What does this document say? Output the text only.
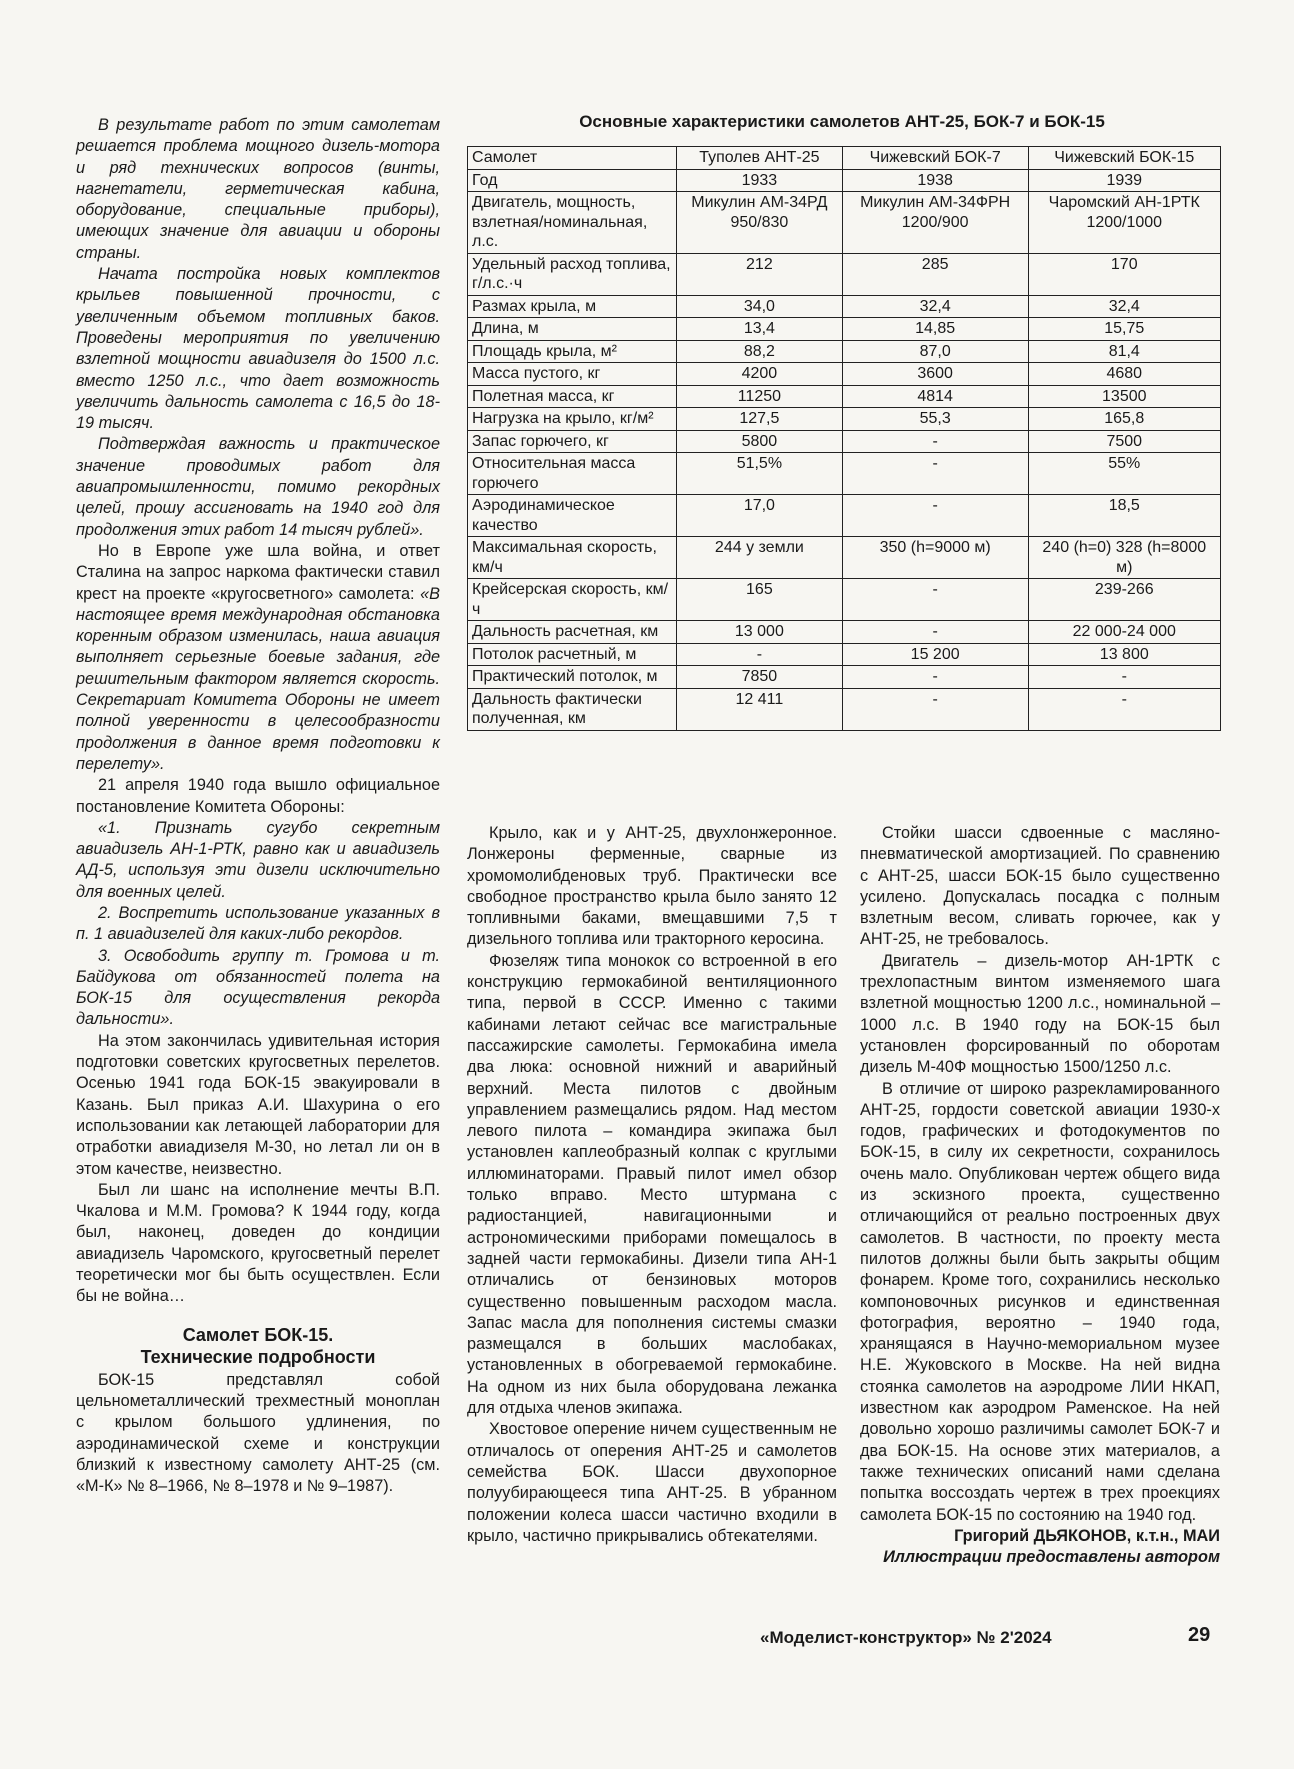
В результате работ по этим самолетам решается проблема мощного дизель-мотора и ряд технических вопросов (винты, нагнетатели, герметическая кабина, оборудование, специальные приборы), имеющих значение для авиации и обороны страны.

Начата постройка новых комплектов крыльев повышенной прочности, с увеличенным объемом топливных баков. Проведены мероприятия по увеличению взлетной мощности авиадизеля до 1500 л.с. вместо 1250 л.с., что дает возможность увеличить дальность самолета с 16,5 до 18-19 тысяч.

Подтверждая важность и практическое значение проводимых работ для авиапромышленности, помимо рекордных целей, прошу ассигновать на 1940 год для продолжения этих работ 14 тысяч рублей».

Но в Европе уже шла война, и ответ Сталина на запрос наркома фактически ставил крест на проекте «кругосветного» самолета: «В настоящее время международная обстановка коренным образом изменилась, наша авиация выполняет серьезные боевые задания, где решительным фактором является скорость. Секретариат Комитета Обороны не имеет полной уверенности в целесообразности продолжения в данное время подготовки к перелету».

21 апреля 1940 года вышло официальное постановление Комитета Обороны:

«1. Признать сугубо секретным авиадизель АН-1-РТК, равно как и авиадизель АД-5, используя эти дизели исключительно для военных целей.

2. Воспретить использование указанных в п. 1 авиадизелей для каких-либо рекордов.

3. Освободить группу т. Громова и т. Байдукова от обязанностей полета на БОК-15 для осуществления рекорда дальности».

На этом закончилась удивительная история подготовки советских кругосветных перелетов. Осенью 1941 года БОК-15 эвакуировали в Казань. Был приказ А.И. Шахурина о его использовании как летающей лаборатории для отработки авиадизеля М-30, но летал ли он в этом качестве, неизвестно.

Был ли шанс на исполнение мечты В.П. Чкалова и М.М. Громова? К 1944 году, когда был, наконец, доведен до кондиции авиадизель Чаромского, кругосветный перелет теоретически мог бы быть осуществлен. Если бы не война…

Самолет БОК-15.
Технические подробности

БОК-15 представлял собой цельнометаллический трехместный моноплан с крылом большого удлинения, по аэродинамической схеме и конструкции близкий к известному самолету АНТ-25 (см. «М-К» № 8–1966, № 8–1978 и № 9–1987).

Основные характеристики самолетов АНТ-25, БОК-7 и БОК-15
Самолет	Туполев АНТ-25	Чижевский БОК-7	Чижевский БОК-15
Год	1933	1938	1939
Двигатель, мощность, взлетная/номинальная, л.с.	Микулин АМ-34РД 950/830	Микулин АМ-34ФРН 1200/900	Чаромский АН-1РТК 1200/1000
Удельный расход топлива, г/л.с.·ч	212	285	170
Размах крыла, м	34,0	32,4	32,4
Длина, м	13,4	14,85	15,75
Площадь крыла, м²	88,2	87,0	81,4
Масса пустого, кг	4200	3600	4680
Полетная масса, кг	11250	4814	13500
Нагрузка на крыло, кг/м²	127,5	55,3	165,8
Запас горючего, кг	5800	-	7500
Относительная масса горючего	51,5%	-	55%
Аэродинамическое качество	17,0	-	18,5
Максимальная скорость, км/ч	244 у земли	350 (h=9000 м)	240 (h=0) 328 (h=8000 м)
Крейсерская скорость, км/ч	165	-	239-266
Дальность расчетная, км	13 000	-	22 000-24 000
Потолок расчетный, м	-	15 200	13 800
Практический потолок, м	7850	-	-
Дальность фактически полученная, км	12 411	-	-

Крыло, как и у АНТ-25, двухлонжеронное. Лонжероны ферменные, сварные из хромомолибденовых труб. Практически все свободное пространство крыла было занято 12 топливными баками, вмещавшими 7,5 т дизельного топлива или тракторного керосина.

Фюзеляж типа монокок со встроенной в его конструкцию гермокабиной вентиляционного типа, первой в СССР. Именно с такими кабинами летают сейчас все магистральные пассажирские самолеты. Гермокабина имела два люка: основной нижний и аварийный верхний. Места пилотов с двойным управлением размещались рядом. Над местом левого пилота – командира экипажа был установлен каплеобразный колпак с круглыми иллюминаторами. Правый пилот имел обзор только вправо. Место штурмана с радиостанцией, навигационными и астрономическими приборами помещалось в задней части гермокабины. Дизели типа АН-1 отличались от бензиновых моторов существенно повышенным расходом масла. Запас масла для пополнения системы смазки размещался в больших маслобаках, установленных в обогреваемой гермокабине. На одном из них была оборудована лежанка для отдыха членов экипажа.

Хвостовое оперение ничем существенным не отличалось от оперения АНТ-25 и самолетов семейства БОК. Шасси двухопорное полуубирающееся типа АНТ-25. В убранном положении колеса шасси частично входили в крыло, частично прикрывались обтекателями.

Стойки шасси сдвоенные с масляно-пневматической амортизацией. По сравнению с АНТ-25, шасси БОК-15 было существенно усилено. Допускалась посадка с полным взлетным весом, сливать горючее, как у АНТ-25, не требовалось.

Двигатель – дизель-мотор АН-1РТК с трехлопастным винтом изменяемого шага взлетной мощностью 1200 л.с., номинальной – 1000 л.с. В 1940 году на БОК-15 был установлен форсированный по оборотам дизель М-40Ф мощностью 1500/1250 л.с.

В отличие от широко разрекламированного АНТ-25, гордости советской авиации 1930-х годов, графических и фотодокументов по БОК-15, в силу их секретности, сохранилось очень мало. Опубликован чертеж общего вида из эскизного проекта, существенно отличающийся от реально построенных двух самолетов. В частности, по проекту места пилотов должны были быть закрыты общим фонарем. Кроме того, сохранились несколько компоновочных рисунков и единственная фотография, вероятно – 1940 года, хранящаяся в Научно-мемориальном музее Н.Е. Жуковского в Москве. На ней видна стоянка самолетов на аэродроме ЛИИ НКАП, известном как аэродром Раменское. На ней довольно хорошо различимы самолет БОК-7 и два БОК-15. На основе этих материалов, а также технических описаний нами сделана попытка воссоздать чертеж в трех проекциях самолета БОК-15 по состоянию на 1940 год.

Григорий ДЬЯКОНОВ, к.т.н., МАИ

Иллюстрации предоставлены автором

«Моделист-конструктор» № 2'2024	29
